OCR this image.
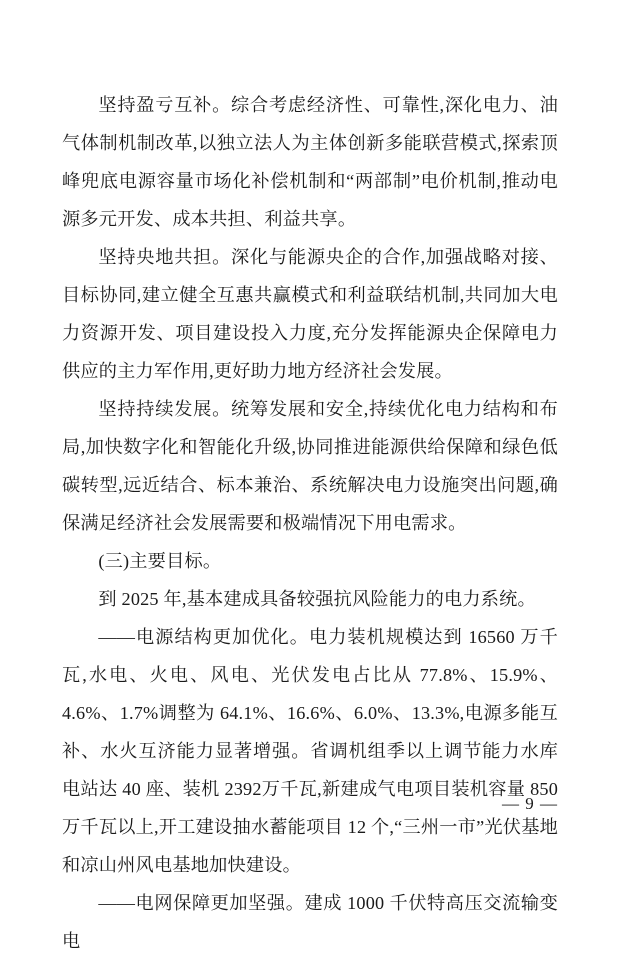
坚持盈亏互补。综合考虑经济性、可靠性,深化电力、油气体制机制改革,以独立法人为主体创新多能联营模式,探索顶峰兜底电源容量市场化补偿机制和“两部制”电价机制,推动电源多元开发、成本共担、利益共享。

坚持央地共担。深化与能源央企的合作,加强战略对接、目标协同,建立健全互惠共赢模式和利益联结机制,共同加大电力资源开发、项目建设投入力度,充分发挥能源央企保障电力供应的主力军作用,更好助力地方经济社会发展。

坚持持续发展。统筹发展和安全,持续优化电力结构和布局,加快数字化和智能化升级,协同推进能源供给保障和绿色低碳转型,远近结合、标本兼治、系统解决电力设施突出问题,确保满足经济社会发展需要和极端情况下用电需求。

(三)主要目标。

到 2025 年,基本建成具备较强抗风险能力的电力系统。

——电源结构更加优化。电力装机规模达到 16560 万千瓦,水电、火电、风电、光伏发电占比从 77.8%、15.9%、4.6%、1.7%调整为 64.1%、16.6%、6.0%、13.3%,电源多能互补、水火互济能力显著增强。省调机组季以上调节能力水库电站达 40 座、装机 2392万千瓦,新建成气电项目装机容量 850 万千瓦以上,开工建设抽水蓄能项目 12 个,“三州一市”光伏基地和凉山州风电基地加快建设。

——电网保障更加坚强。建成 1000 千伏特高压交流输变电

— 9 —
